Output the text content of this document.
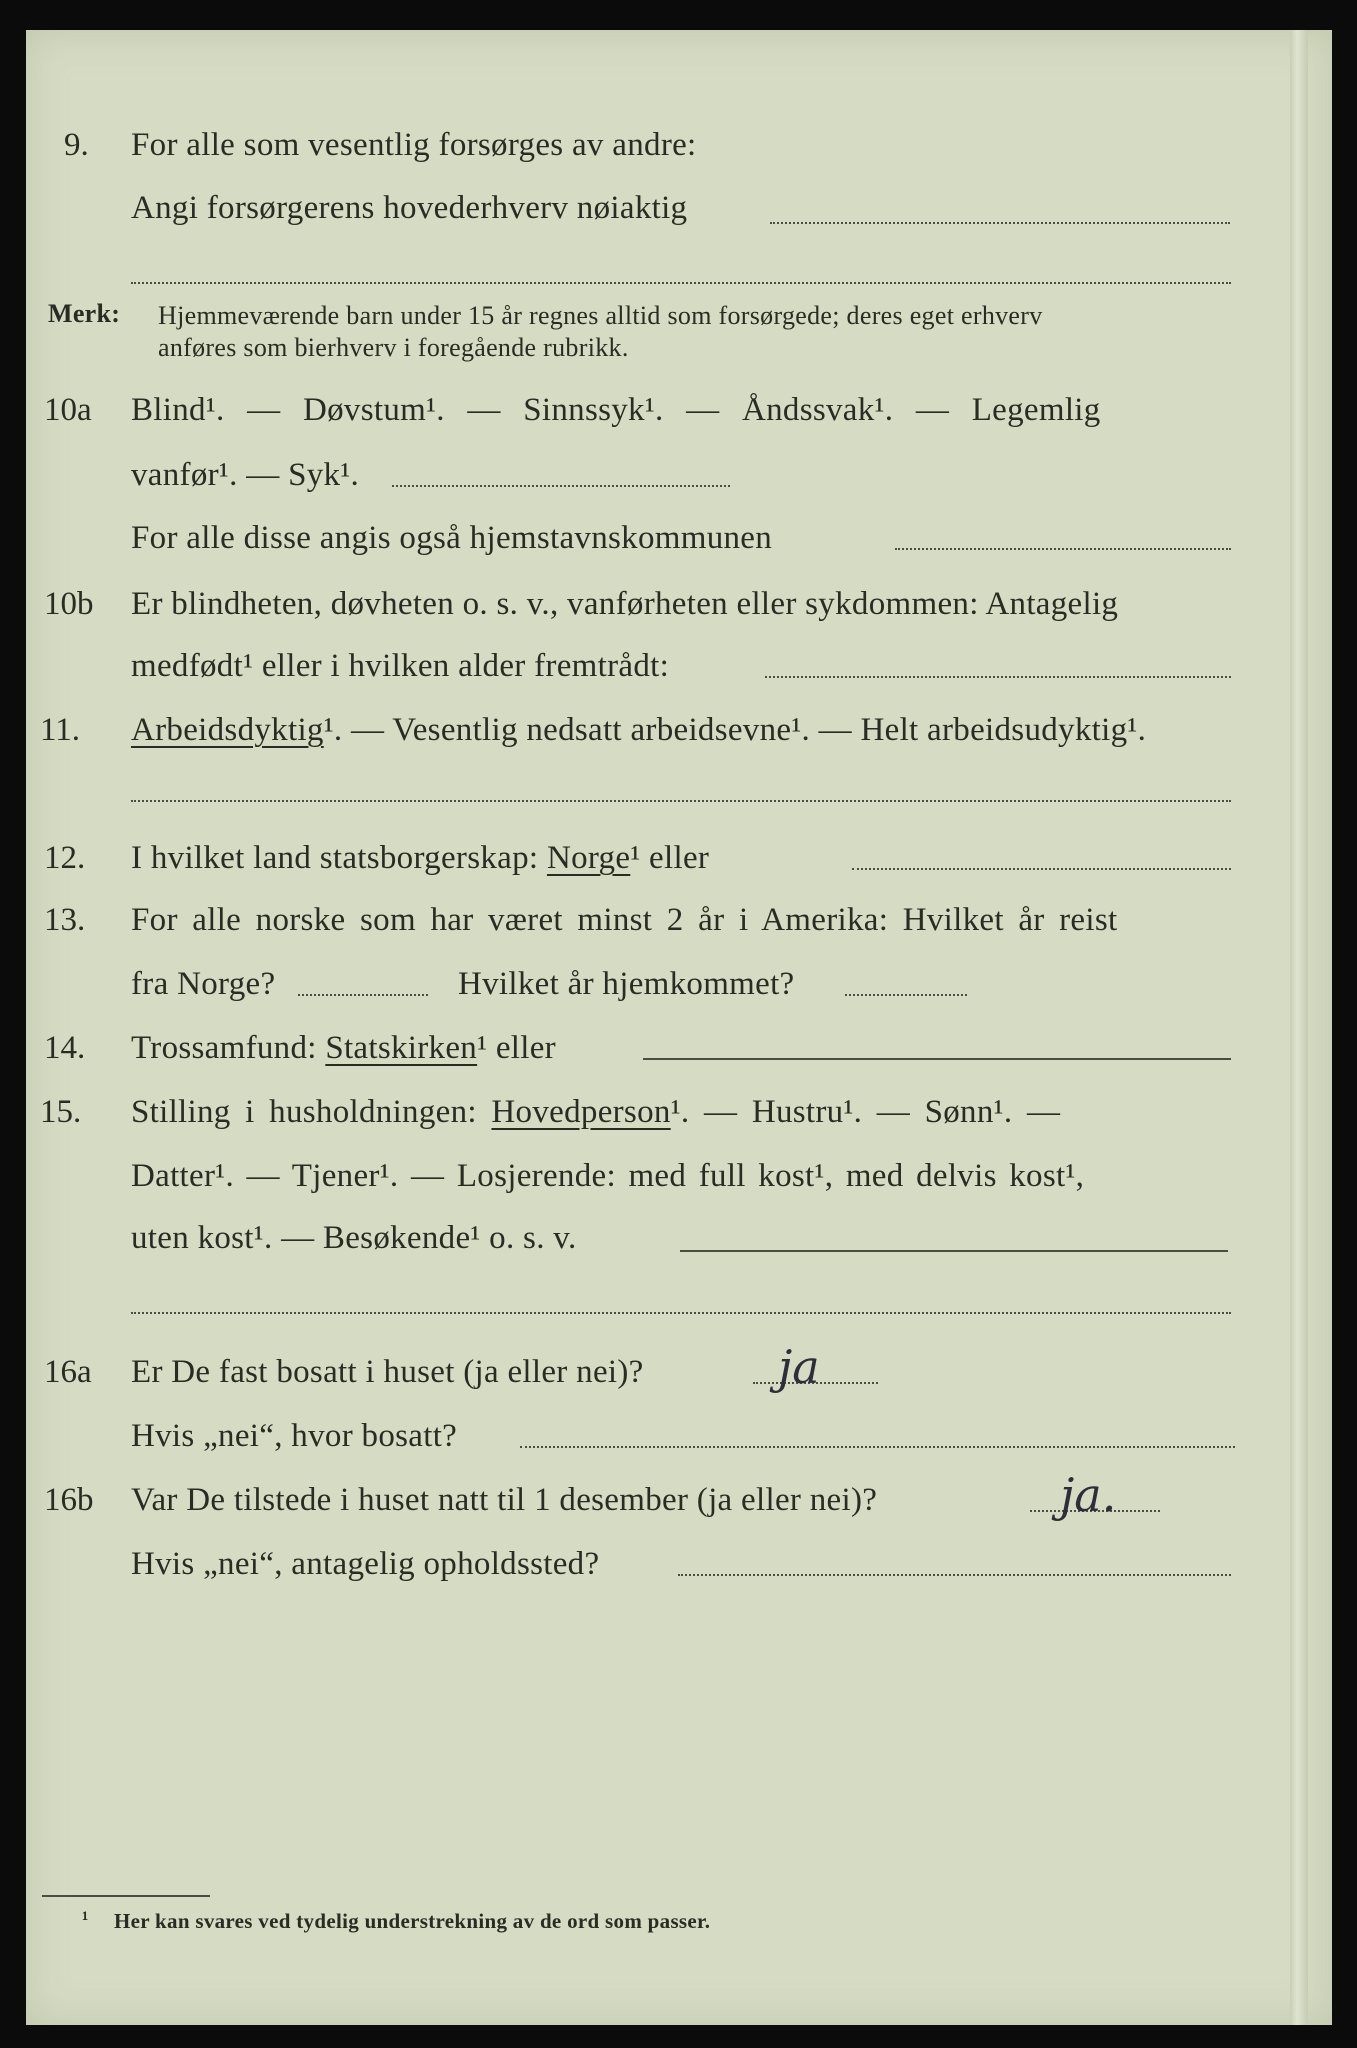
9. For alle som vesentlig forsørges av andre:
Angi forsørgerens hovederhverv nøiaktig
Merk: Hjemmeværende barn under 15 år regnes alltid som forsørgede; deres eget erhverv
anføres som bierhverv i foregående rubrikk.
10a Blind¹. — Døvstum¹. — Sinnssyk¹. — Åndssvak¹. — Legemlig
vanfør¹. — Syk¹.
For alle disse angis også hjemstavnskommunen
10b Er blindheten, døvheten o. s. v., vanførheten eller sykdommen: Antagelig
medfødt¹ eller i hvilken alder fremtrådt:
11. Arbeidsdyktig¹. — Vesentlig nedsatt arbeidsevne¹. — Helt arbeidsudyktig¹.
12. I hvilket land statsborgerskap: Norge¹ eller
13. For alle norske som har været minst 2 år i Amerika: Hvilket år reist
fra Norge?	Hvilket år hjemkommet?
14. Trossamfund: Statskirken¹ eller
15. Stilling i husholdningen: Hovedperson¹. — Hustru¹. — Sønn¹. —
Datter¹. — Tjener¹. — Losjerende: med full kost¹, med delvis kost¹,
uten kost¹. — Besøkende¹ o. s. v.
16a Er De fast bosatt i huset (ja eller nei)?	ja
Hvis „nei“, hvor bosatt?
16b Var De tilstede i huset natt til 1 desember (ja eller nei)?	ja.
Hvis „nei“, antagelig opholdssted?
¹ Her kan svares ved tydelig understrekning av de ord som passer.
